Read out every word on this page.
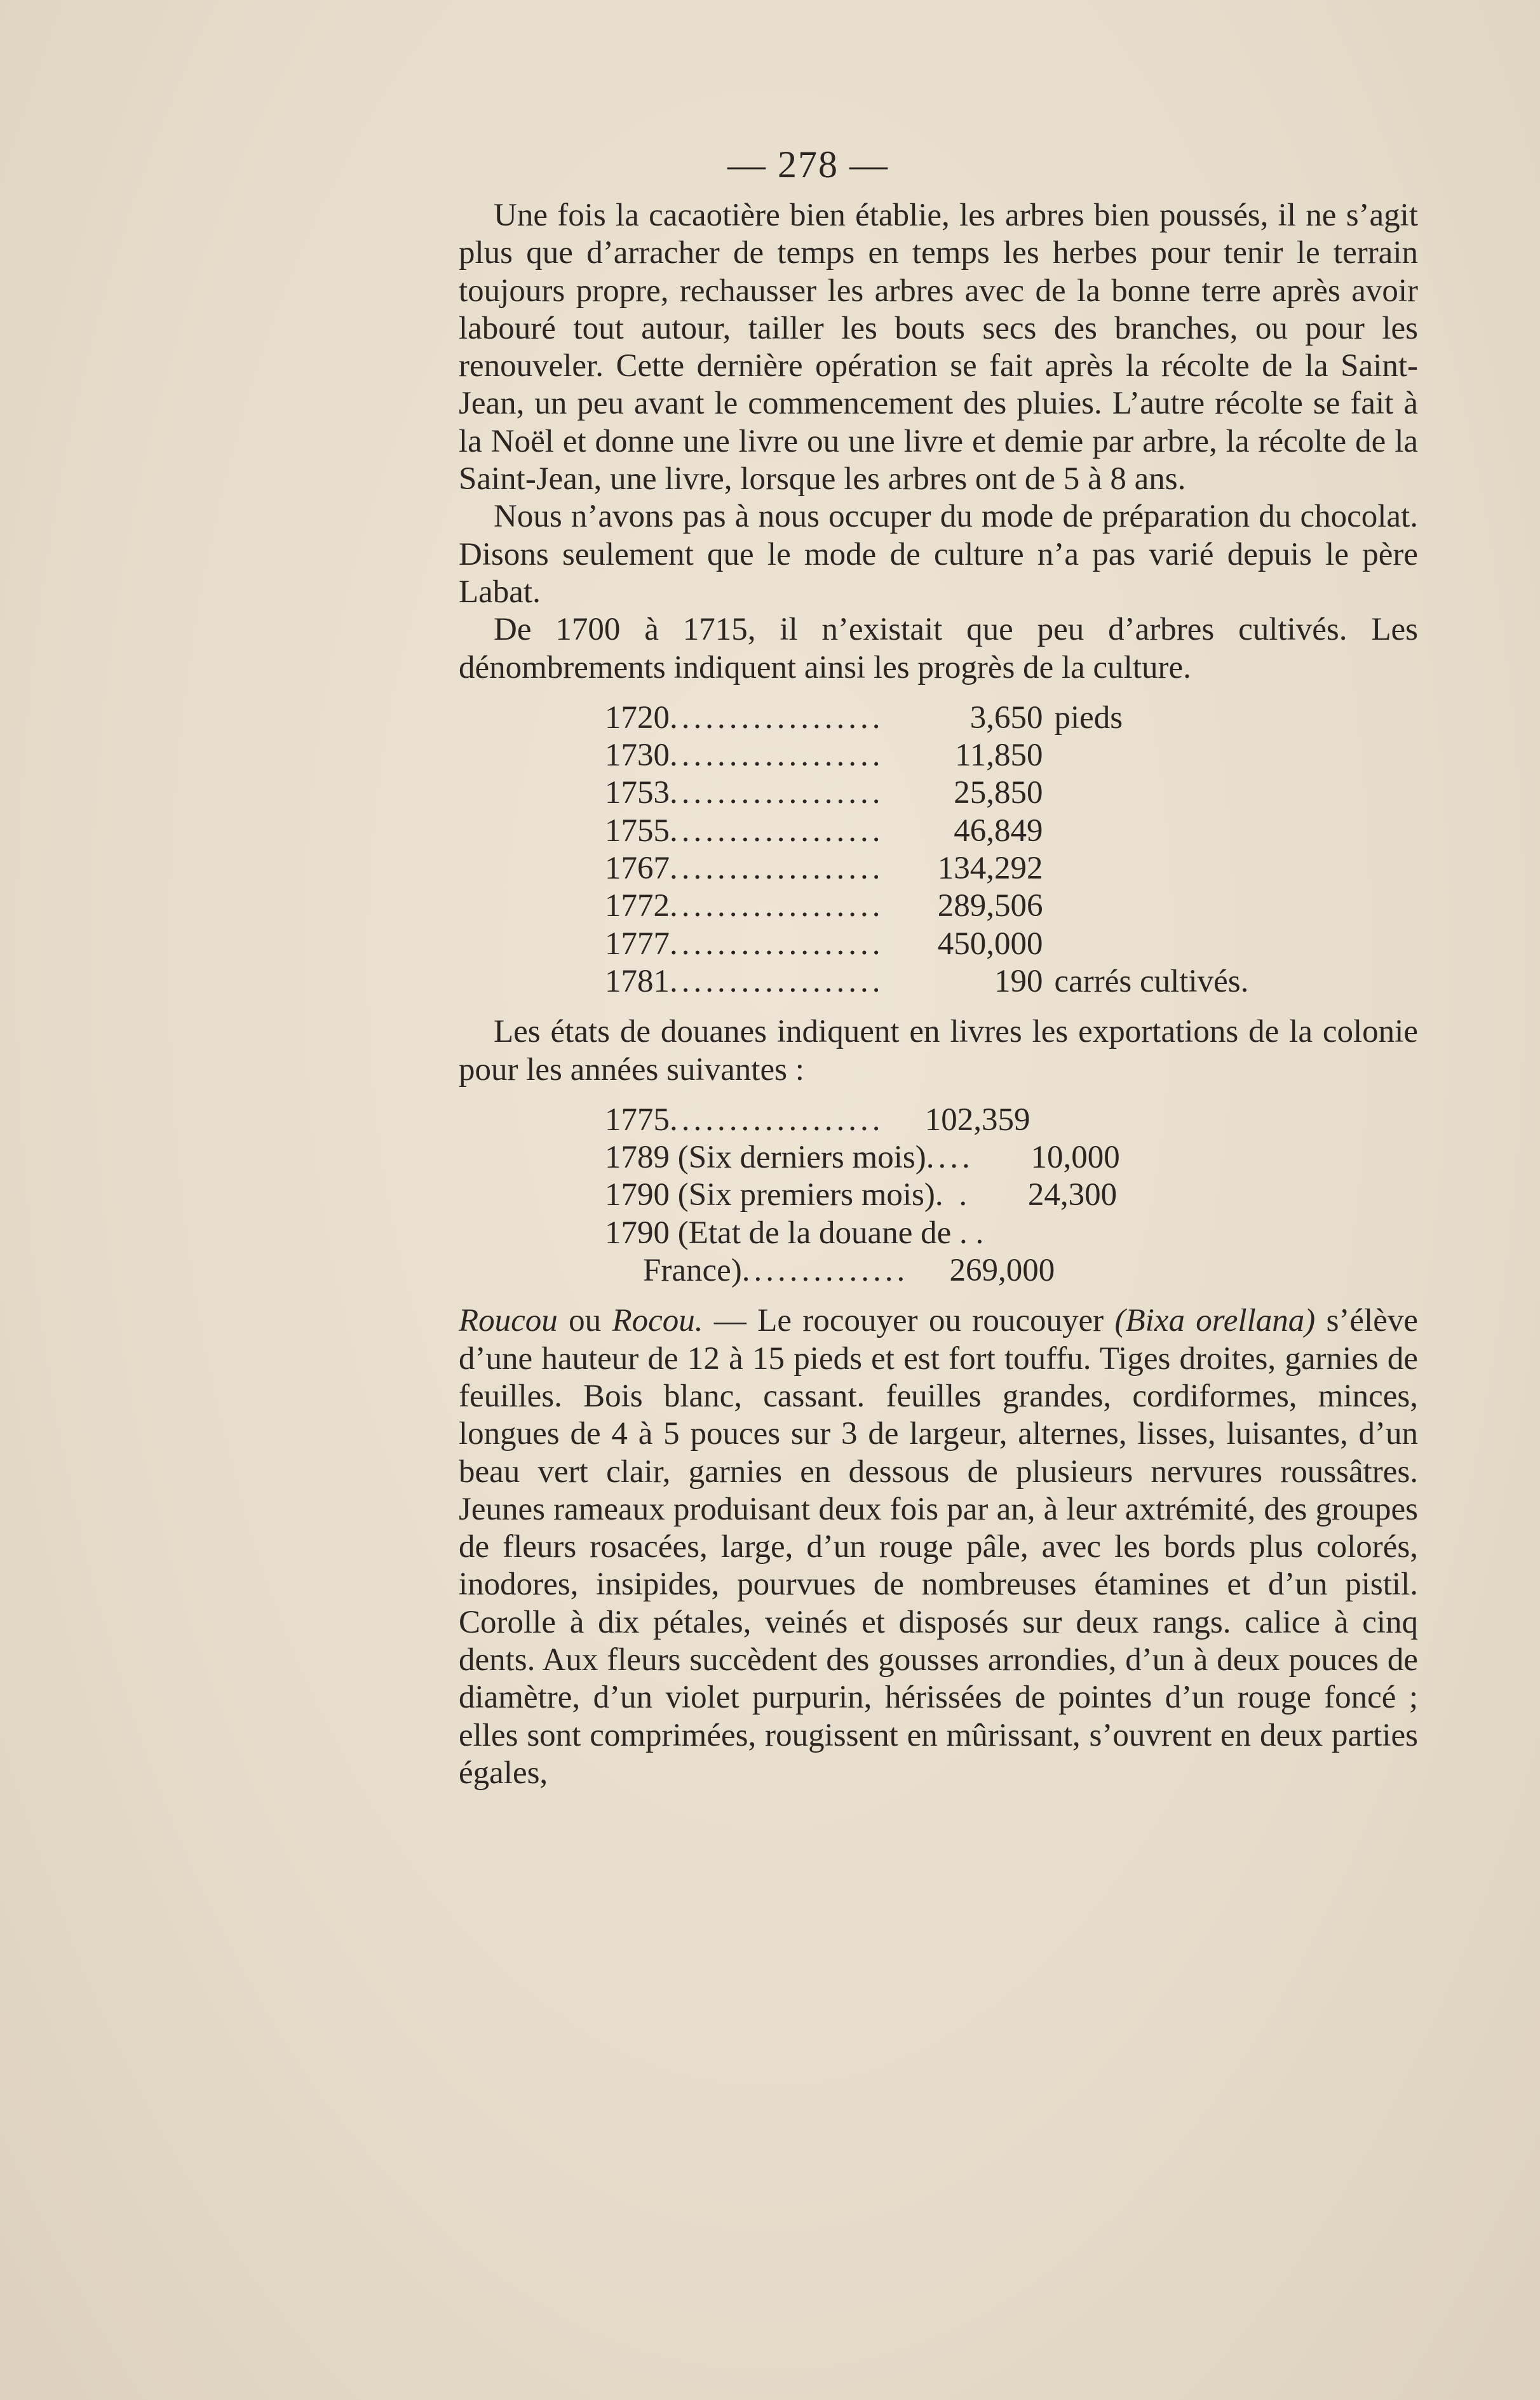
— 278 —

Une fois la cacaotière bien établie, les arbres bien poussés, il ne s’agit plus que d’arracher de temps en temps les herbes pour tenir le terrain toujours propre, rechausser les arbres avec de la bonne terre après avoir labouré tout autour, tailler les bouts secs des branches, ou pour les renouveler. Cette dernière opération se fait après la récolte de la Saint-Jean, un peu avant le commencement des pluies. L’autre récolte se fait à la Noël et donne une livre ou une livre et demie par arbre, la récolte de la Saint-Jean, une livre, lorsque les arbres ont de 5 à 8 ans.

Nous n’avons pas à nous occuper du mode de préparation du chocolat. Disons seulement que le mode de culture n’a pas varié depuis le père Labat.

De 1700 à 1715, il n’existait que peu d’arbres cultivés. Les dénombrements indiquent ainsi les progrès de la culture.

1720 ..................	3,650 pieds
1730 ..................	11,850
1753 ..................	25,850
1755 ..................	46,849
1767 ..................	134,292
1772 ..................	289,506
1777 ..................	450,000
1781 ..................	190 carrés cultivés.

Les états de douanes indiquent en livres les exportations de la colonie pour les années suivantes :

1775 ..................	102,359
1789 (Six derniers mois) ....	10,000
1790 (Six premiers mois) . .	24,300
1790 (Etat de la douane de . .
France) ..............	269,000

Roucou ou Rocou. — Le rocouyer ou roucouyer (Bixa orellana) s’élève d’une hauteur de 12 à 15 pieds et est fort touffu. Tiges droites, garnies de feuilles. Bois blanc, cassant. feuilles grandes, cordiformes, minces, longues de 4 à 5 pouces sur 3 de largeur, alternes, lisses, luisantes, d’un beau vert clair, garnies en dessous de plusieurs nervures roussâtres. Jeunes rameaux produisant deux fois par an, à leur axtrémité, des groupes de fleurs rosacées, large, d’un rouge pâle, avec les bords plus colorés, inodores, insipides, pourvues de nombreuses étamines et d’un pistil. Corolle à dix pétales, veinés et disposés sur deux rangs. calice à cinq dents. Aux fleurs succèdent des gousses arrondies, d’un à deux pouces de diamètre, d’un violet purpurin, hérissées de pointes d’un rouge foncé ; elles sont comprimées, rougissent en mûrissant, s’ouvrent en deux parties égales,
